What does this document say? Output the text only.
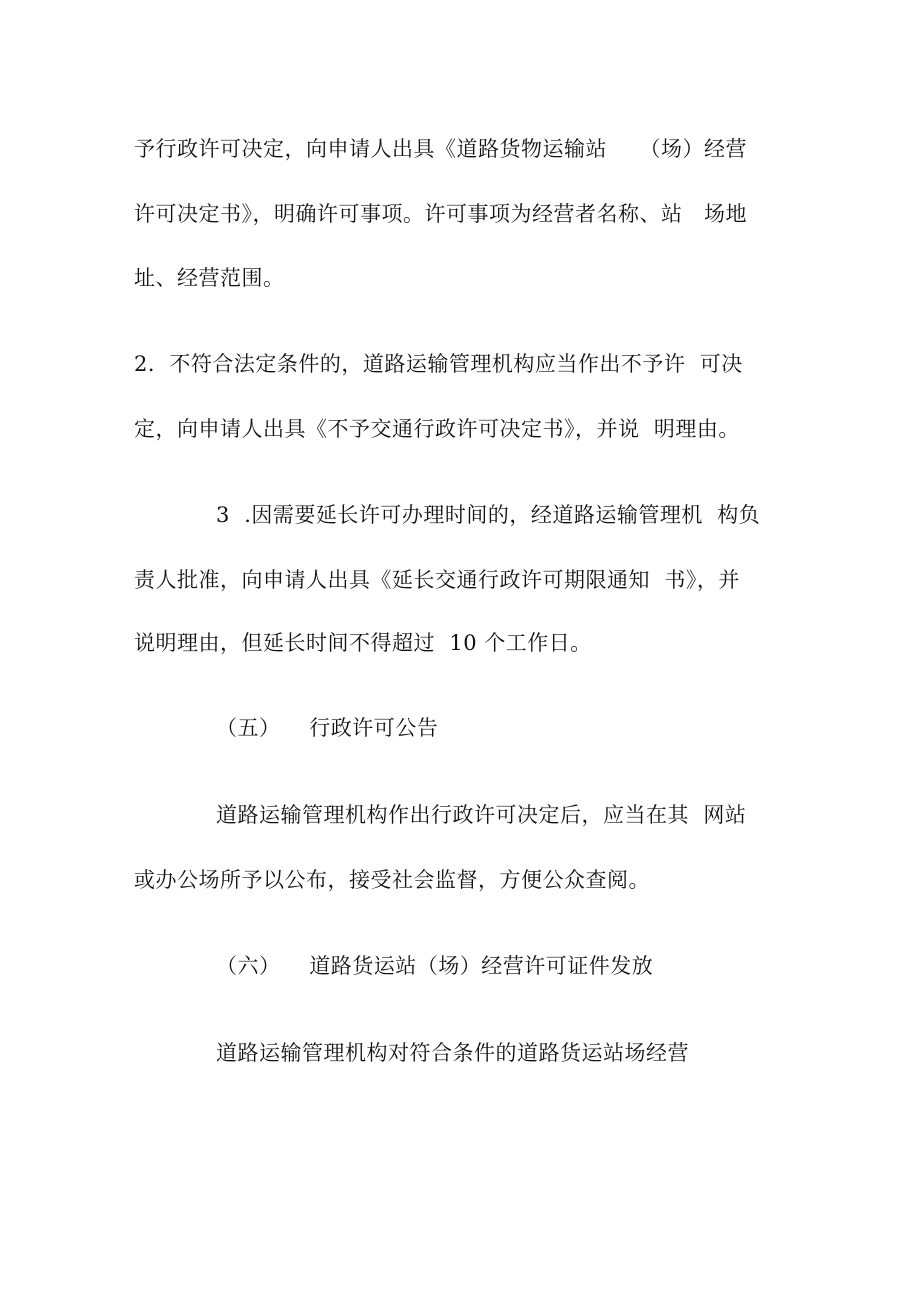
予行政许可决定，向申请人出具《道路货物运输站　　（场）经营
许可决定书》，明确许可事项。许可事项为经营者名称、站　场地
址、经营范围。
2．不符合法定条件的，道路运输管理机构应当作出不予许  可决
定，向申请人出具《不予交通行政许可决定书》，并说  明理由。
3  .因需要延长许可办理时间的，经道路运输管理机  构负
责人批准，向申请人出具《延长交通行政许可期限通知  书》，并
说明理由，但延长时间不得超过  10 个工作日。
（五）    行政许可公告
道路运输管理机构作出行政许可决定后，应当在其  网站
或办公场所予以公布，接受社会监督，方便公众查阅。
（六）    道路货运站（场）经营许可证件发放
道路运输管理机构对符合条件的道路货运站场经营
